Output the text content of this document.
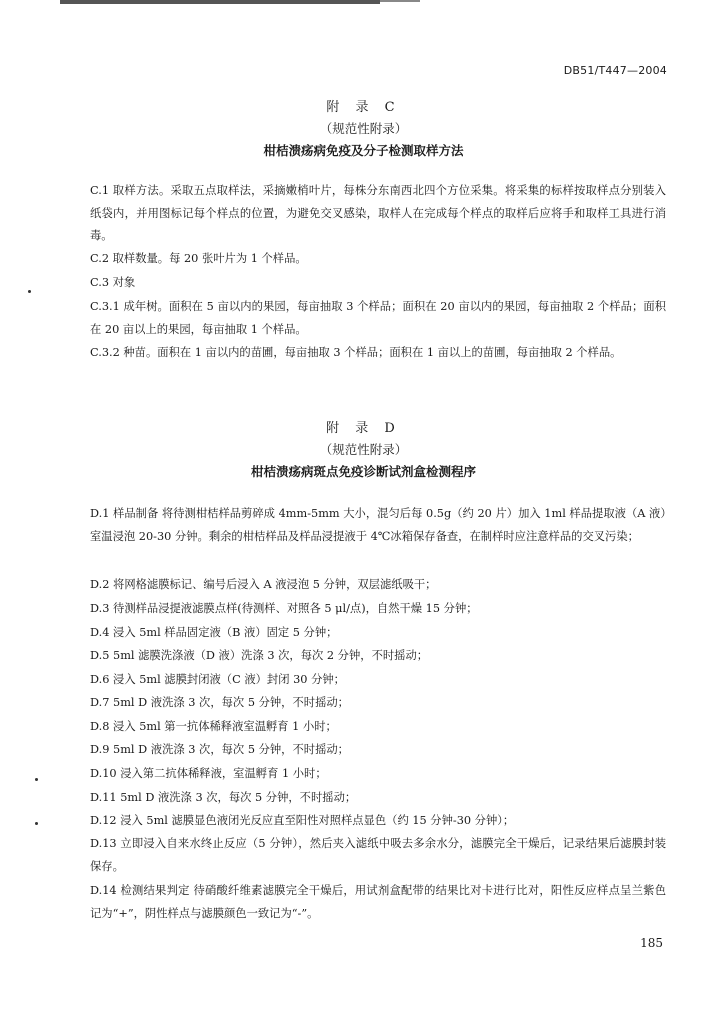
DB51/T447—2004
附 录 C
（规范性附录）
柑桔溃疡病免疫及分子检测取样方法
C.1 取样方法。采取五点取样法，采摘嫩梢叶片，每株分东南西北四个方位采集。将采集的标样按取样点分别装入纸袋内，并用图标记每个样点的位置，为避免交叉感染，取样人在完成每个样点的取样后应将手和取样工具进行消毒。
C.2 取样数量。每 20 张叶片为 1 个样品。
C.3 对象
C.3.1 成年树。面积在 5 亩以内的果园，每亩抽取 3 个样品；面积在 20 亩以内的果园，每亩抽取 2 个样品；面积在 20 亩以上的果园，每亩抽取 1 个样品。
C.3.2 种苗。面积在 1 亩以内的苗圃，每亩抽取 3 个样品；面积在 1 亩以上的苗圃，每亩抽取 2 个样品。
附 录 D
（规范性附录）
柑桔溃疡病斑点免疫诊断试剂盒检测程序
D.1 样品制备 将待测柑桔样品剪碎成 4mm-5mm 大小，混匀后每 0.5g（约 20 片）加入 1ml 样品提取液（A 液）室温浸泡 20-30 分钟。剩余的柑桔样品及样品浸提液于 4℃冰箱保存备查，在制样时应注意样品的交叉污染；
D.2 将网格滤膜标记、编号后浸入 A 液浸泡 5 分钟，双层滤纸吸干；
D.3 待测样品浸提液滤膜点样(待测样、对照各 5 μl/点)，自然干燥 15 分钟；
D.4 浸入 5ml 样品固定液（B 液）固定 5 分钟；
D.5 5ml 滤膜洗涤液（D 液）洗涤 3 次，每次 2 分钟，不时摇动；
D.6 浸入 5ml 滤膜封闭液（C 液）封闭 30 分钟；
D.7 5ml D 液洗涤 3 次，每次 5 分钟，不时摇动；
D.8 浸入 5ml 第一抗体稀释液室温孵育 1 小时；
D.9 5ml D 液洗涤 3 次，每次 5 分钟，不时摇动；
D.10 浸入第二抗体稀释液，室温孵育 1 小时；
D.11 5ml D 液洗涤 3 次，每次 5 分钟，不时摇动；
D.12 浸入 5ml 滤膜显色液闭光反应直至阳性对照样点显色（约 15 分钟-30 分钟）；
D.13 立即浸入自来水终止反应（5 分钟），然后夹入滤纸中吸去多余水分，滤膜完全干燥后，记录结果后滤膜封装保存。
D.14 检测结果判定 待硝酸纤维素滤膜完全干燥后，用试剂盒配带的结果比对卡进行比对，阳性反应样点呈兰紫色记为“+”，阴性样点与滤膜颜色一致记为“-”。
185
